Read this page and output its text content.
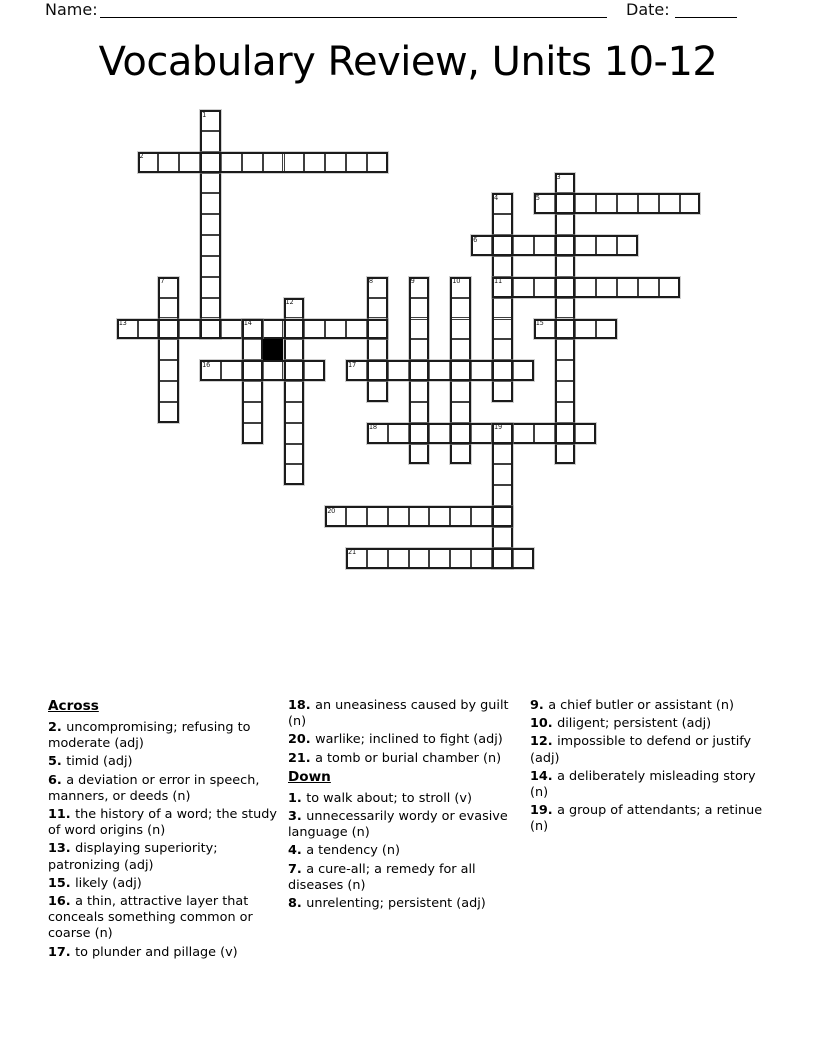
Name:	Date:
Vocabulary Review, Units 10-12
1
2
3
4	5
6
7	8	9	10	11
12
13	14	15
16	17
18	19
20
21
Across
2. uncompromising; refusing to moderate (adj)
5. timid (adj)
6. a deviation or error in speech, manners, or deeds (n)
11. the history of a word; the study of word origins (n)
13. displaying superiority; patronizing (adj)
15. likely (adj)
16. a thin, attractive layer that conceals something common or coarse (n)
17. to plunder and pillage (v)
18. an uneasiness caused by guilt (n)
20. warlike; inclined to fight (adj)
21. a tomb or burial chamber (n)
Down
1. to walk about; to stroll (v)
3. unnecessarily wordy or evasive language (n)
4. a tendency (n)
7. a cure-all; a remedy for all diseases (n)
8. unrelenting; persistent (adj)
9. a chief butler or assistant (n)
10. diligent; persistent (adj)
12. impossible to defend or justify (adj)
14. a deliberately misleading story (n)
19. a group of attendants; a retinue (n)
